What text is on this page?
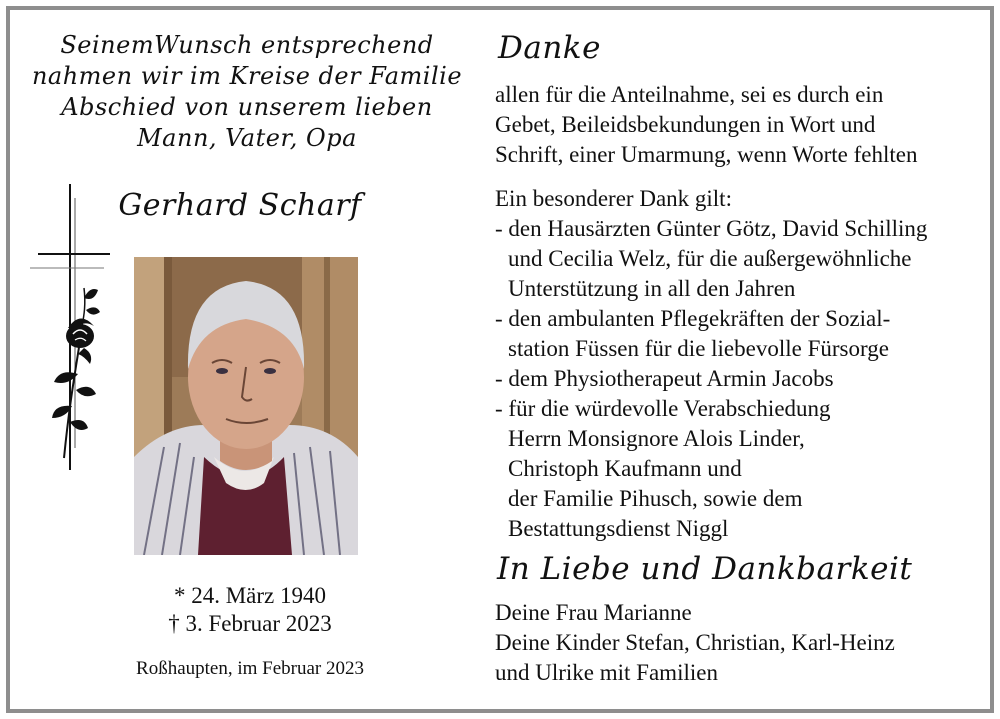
SeinemWunsch entsprechend
nahmen wir im Kreise der Familie
Abschied von unserem lieben
Mann, Vater, Opa
Gerhard Scharf
* 24. März 1940
† 3. Februar 2023
Roßhaupten, im Februar 2023
Danke
allen für die Anteilnahme, sei es durch ein
Gebet, Beileidsbekundungen in Wort und
Schrift, einer Umarmung, wenn Worte fehlten
Ein besonderer Dank gilt:
- den Hausärzten Günter Götz, David Schilling
und Cecilia Welz, für die außergewöhnliche
Unterstützung in all den Jahren
- den ambulanten Pflegekräften der Sozial-
station Füssen für die liebevolle Fürsorge
- dem Physiotherapeut Armin Jacobs
- für die würdevolle Verabschiedung
Herrn Monsignore Alois Linder,
Christoph Kaufmann und
der Familie Pihusch, sowie dem
Bestattungsdienst Niggl
In Liebe und Dankbarkeit
Deine Frau Marianne
Deine Kinder Stefan, Christian, Karl-Heinz
und Ulrike mit Familien
